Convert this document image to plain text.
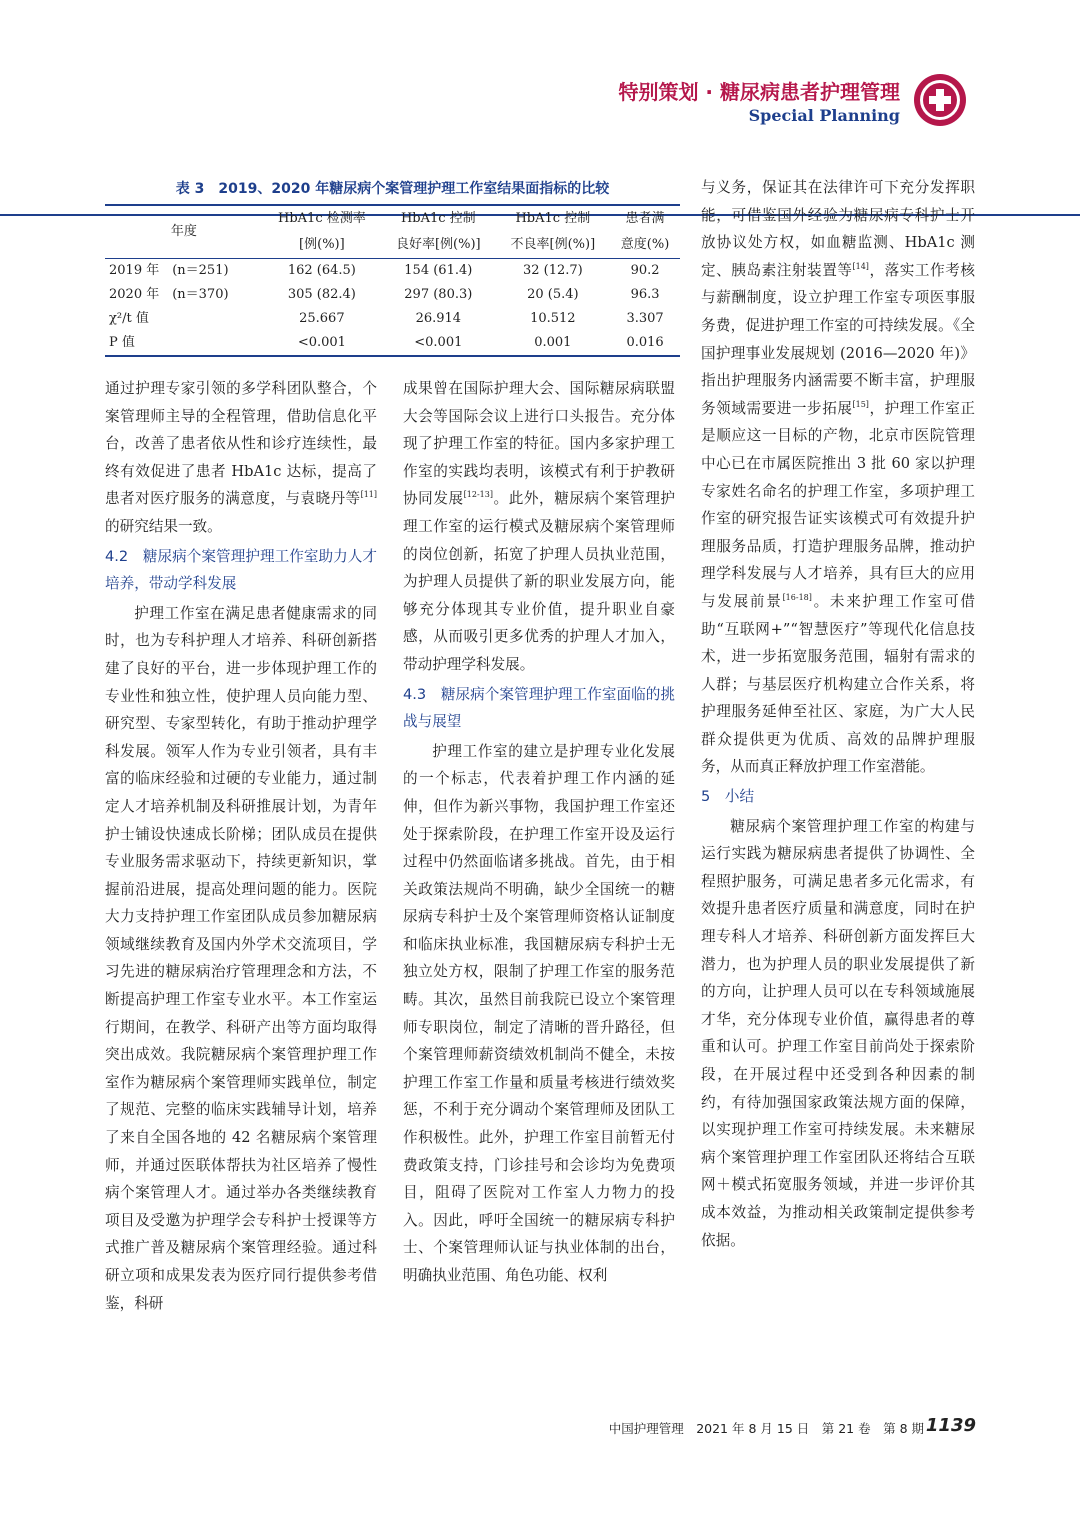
特别策划 · 糖尿病患者护理管理
Special Planning
表 3　2019、2020 年糖尿病个案管理护理工作室结果面指标的比较
年度	HbA1c 检测率	HbA1c 控制	HbA1c 控制	患者满
	[例(%)]	良好率[例(%)]	不良率[例(%)]	意度(%)
2019 年　(n＝251)	162 (64.5)	154 (61.4)	32 (12.7)	90.2
2020 年　(n＝370)	305 (82.4)	297 (80.3)	20 (5.4)	96.3
χ²/t 值	25.667	26.914	10.512	3.307
P 值	<0.001	<0.001	0.001	0.016

通过护理专家引领的多学科团队整合，个案管理师主导的全程管理，借助信息化平台，改善了患者依从性和诊疗连续性，最终有效促进了患者 HbA1c 达标，提高了患者对医疗服务的满意度，与袁晓丹等[11]的研究结果一致。

4.2　糖尿病个案管理护理工作室助力人才培养，带动学科发展

护理工作室在满足患者健康需求的同时，也为专科护理人才培养、科研创新搭建了良好的平台，进一步体现护理工作的专业性和独立性，使护理人员向能力型、研究型、专家型转化，有助于推动护理学科发展。领军人作为专业引领者，具有丰富的临床经验和过硬的专业能力，通过制定人才培养机制及科研推展计划，为青年护士铺设快速成长阶梯；团队成员在提供专业服务需求驱动下，持续更新知识，掌握前沿进展，提高处理问题的能力。医院大力支持护理工作室团队成员参加糖尿病领域继续教育及国内外学术交流项目，学习先进的糖尿病治疗管理理念和方法，不断提高护理工作室专业水平。本工作室运行期间，在教学、科研产出等方面均取得突出成效。我院糖尿病个案管理护理工作室作为糖尿病个案管理师实践单位，制定了规范、完整的临床实践辅导计划，培养了来自全国各地的 42 名糖尿病个案管理师，并通过医联体帮扶为社区培养了慢性病个案管理人才。通过举办各类继续教育项目及受邀为护理学会专科护士授课等方式推广普及糖尿病个案管理经验。通过科研立项和成果发表为医疗同行提供参考借鉴，科研

成果曾在国际护理大会、国际糖尿病联盟大会等国际会议上进行口头报告。充分体现了护理工作室的特征。国内多家护理工作室的实践均表明，该模式有利于护教研协同发展[12-13]。此外，糖尿病个案管理护理工作室的运行模式及糖尿病个案管理师的岗位创新，拓宽了护理人员执业范围，为护理人员提供了新的职业发展方向，能够充分体现其专业价值，提升职业自豪感，从而吸引更多优秀的护理人才加入，带动护理学科发展。

4.3　糖尿病个案管理护理工作室面临的挑战与展望

护理工作室的建立是护理专业化发展的一个标志，代表着护理工作内涵的延伸，但作为新兴事物，我国护理工作室还处于探索阶段，在护理工作室开设及运行过程中仍然面临诸多挑战。首先，由于相关政策法规尚不明确，缺少全国统一的糖尿病专科护士及个案管理师资格认证制度和临床执业标准，我国糖尿病专科护士无独立处方权，限制了护理工作室的服务范畴。其次，虽然目前我院已设立个案管理师专职岗位，制定了清晰的晋升路径，但个案管理师薪资绩效机制尚不健全，未按护理工作室工作量和质量考核进行绩效奖惩，不利于充分调动个案管理师及团队工作积极性。此外，护理工作室目前暂无付费政策支持，门诊挂号和会诊均为免费项目，阻碍了医院对工作室人力物力的投入。因此，呼吁全国统一的糖尿病专科护士、个案管理师认证与执业体制的出台，明确执业范围、角色功能、权利

与义务，保证其在法律许可下充分发挥职能，可借鉴国外经验为糖尿病专科护士开放协议处方权，如血糖监测、HbA1c 测定、胰岛素注射装置等[14]，落实工作考核与薪酬制度，设立护理工作室专项医事服务费，促进护理工作室的可持续发展。《全国护理事业发展规划 (2016—2020 年)》指出护理服务内涵需要不断丰富，护理服务领域需要进一步拓展[15]，护理工作室正是顺应这一目标的产物，北京市医院管理中心已在市属医院推出 3 批 60 家以护理专家姓名命名的护理工作室，多项护理工作室的研究报告证实该模式可有效提升护理服务品质，打造护理服务品牌，推动护理学科发展与人才培养，具有巨大的应用与发展前景[16-18]。未来护理工作室可借助“互联网+”“智慧医疗”等现代化信息技术，进一步拓宽服务范围，辐射有需求的人群；与基层医疗机构建立合作关系，将护理服务延伸至社区、家庭，为广大人民群众提供更为优质、高效的品牌护理服务，从而真正释放护理工作室潜能。

5　小结

糖尿病个案管理护理工作室的构建与运行实践为糖尿病患者提供了协调性、全程照护服务，可满足患者多元化需求，有效提升患者医疗质量和满意度，同时在护理专科人才培养、科研创新方面发挥巨大潜力，也为护理人员的职业发展提供了新的方向，让护理人员可以在专科领域施展才华，充分体现专业价值，赢得患者的尊重和认可。护理工作室目前尚处于探索阶段，在开展过程中还受到各种因素的制约，有待加强国家政策法规方面的保障，以实现护理工作室可持续发展。未来糖尿病个案管理护理工作室团队还将结合互联网＋模式拓宽服务领域，并进一步评价其成本效益，为推动相关政策制定提供参考依据。

中国护理管理　2021 年 8 月 15 日　第 21 卷　第 8 期 1139
